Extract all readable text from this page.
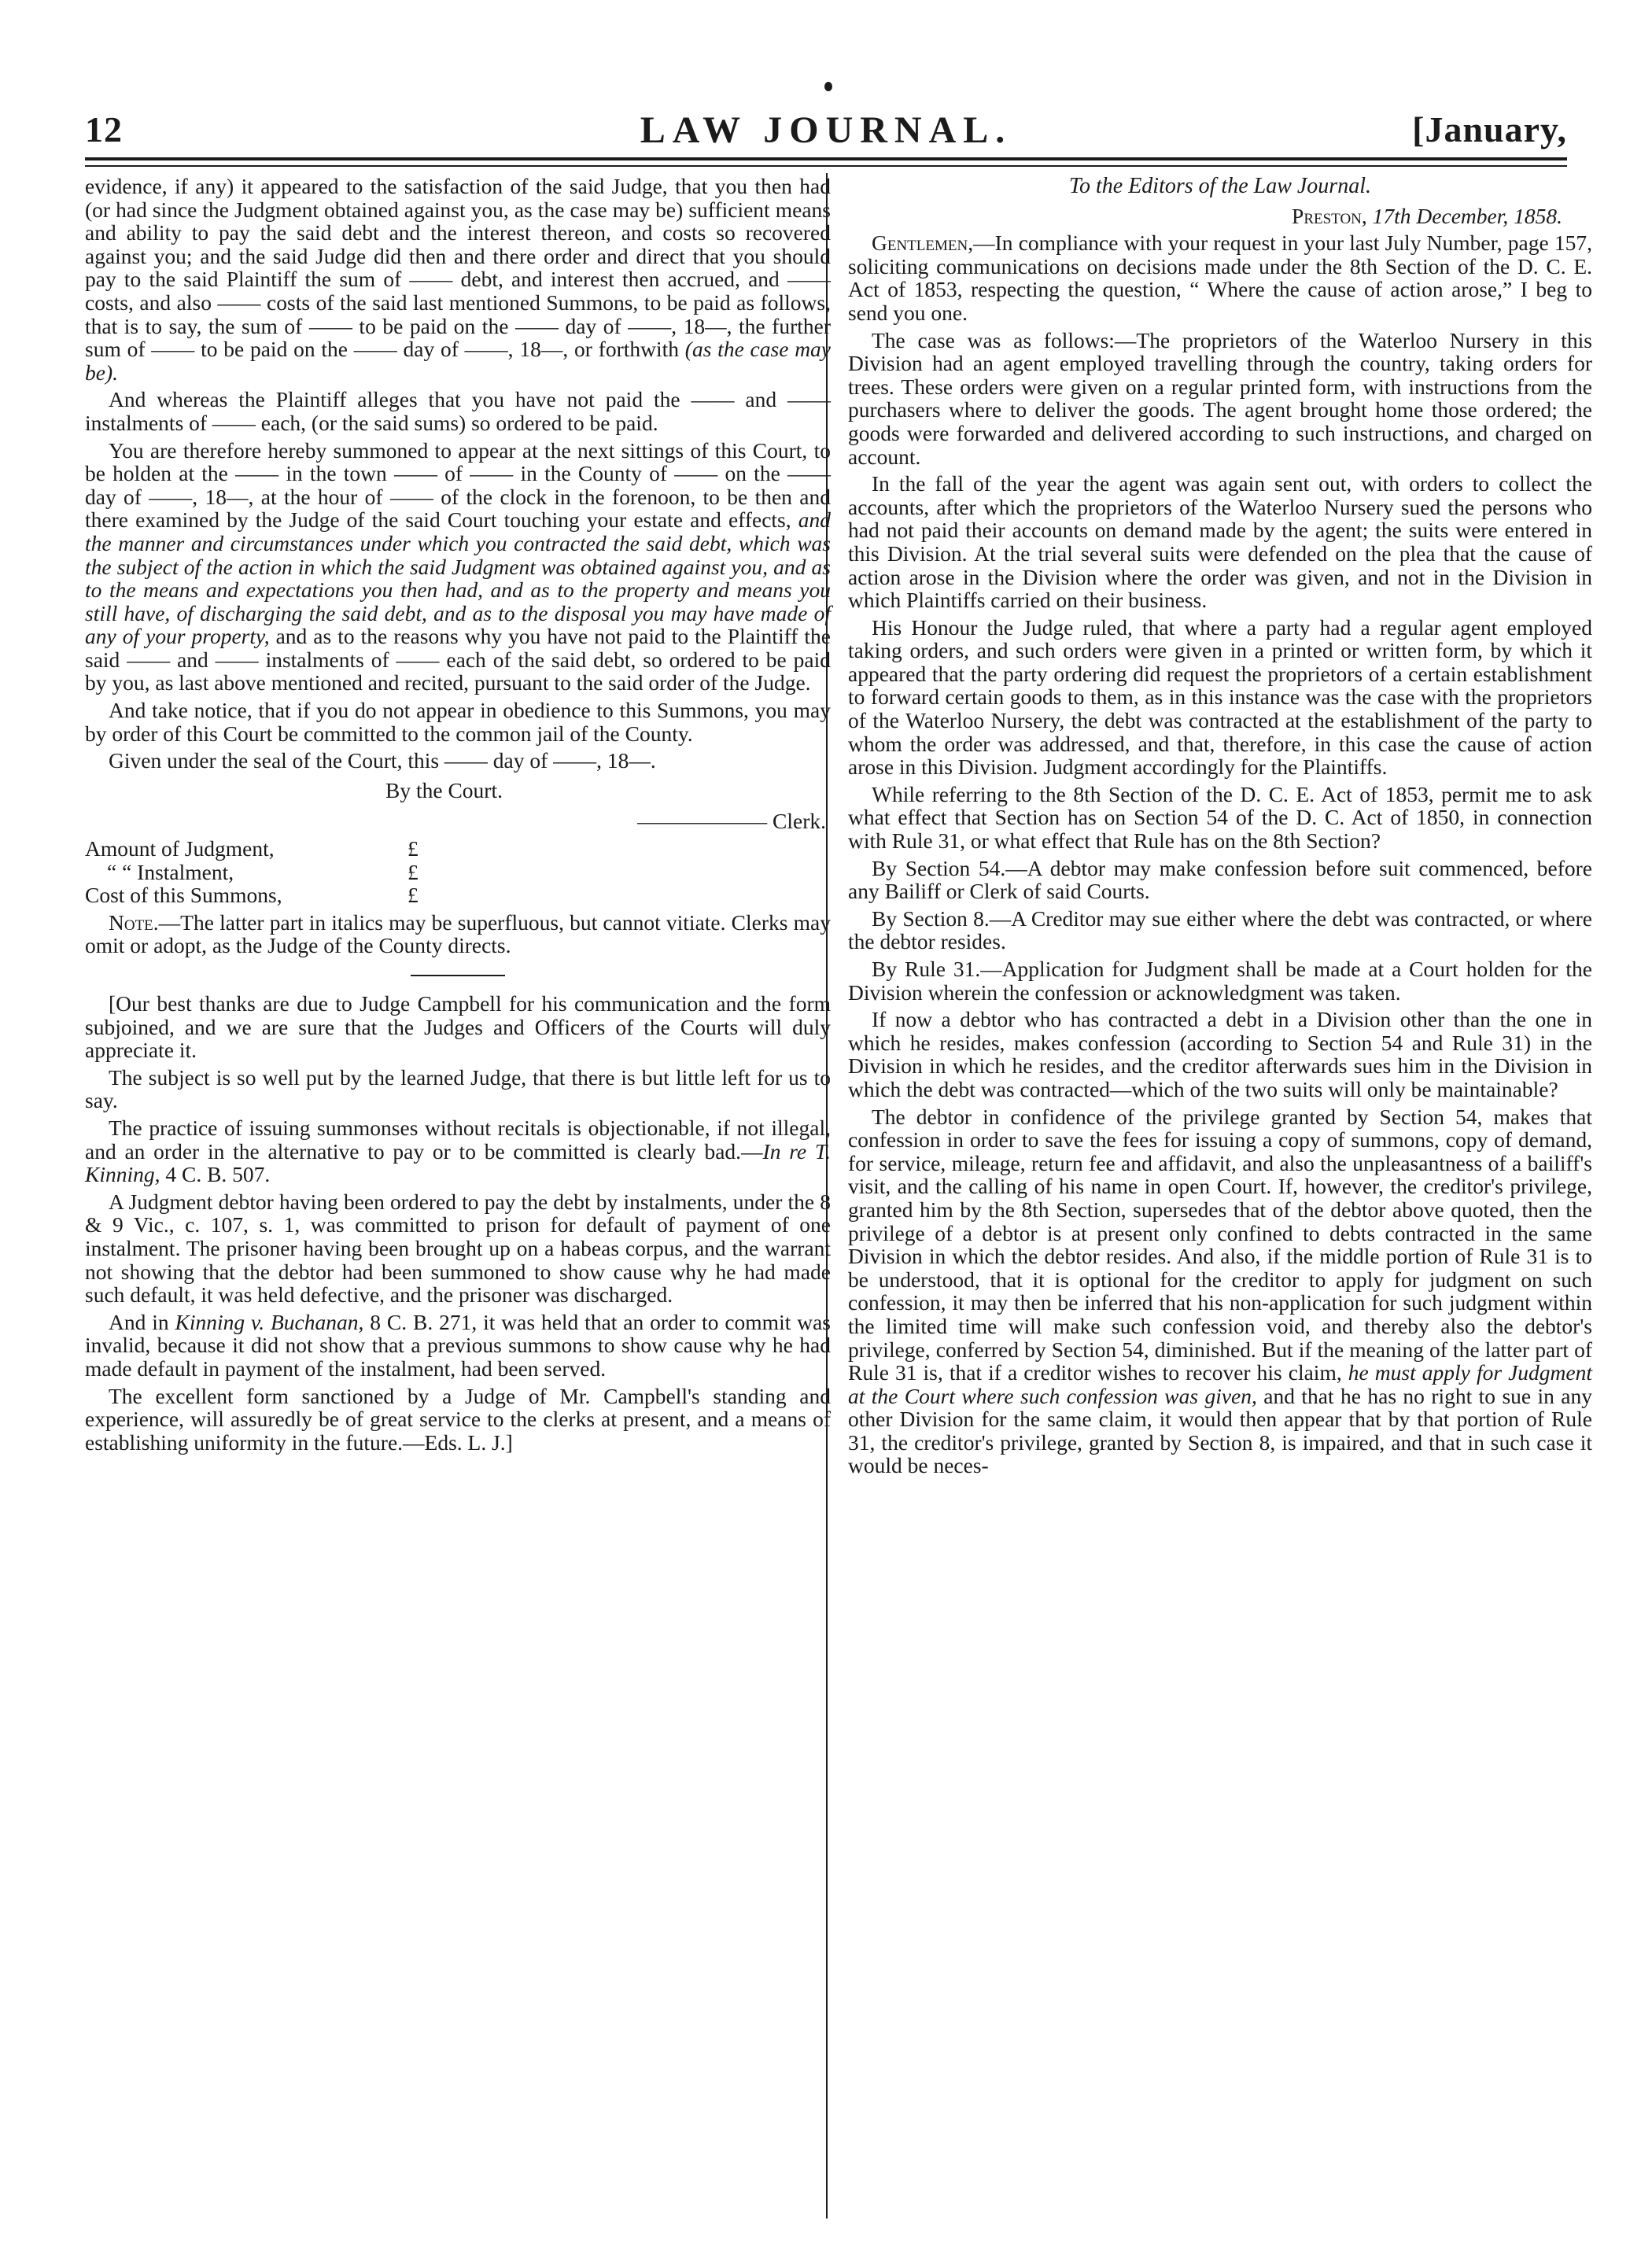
12	LAW JOURNAL.	[January,

evidence, if any) it appeared to the satisfaction of the said Judge, that you then had (or had since the Judgment obtained against you, as the case may be) sufficient means and ability to pay the said debt and the interest thereon, and costs so recovered against you; and the said Judge did then and there order and direct that you should pay to the said Plaintiff the sum of —— debt, and interest then accrued, and —— costs, and also —— costs of the said last mentioned Summons, to be paid as follows, that is to say, the sum of —— to be paid on the —— day of ——, 18—, the further sum of —— to be paid on the —— day of ——, 18—, or forthwith (as the case may be).

And whereas the Plaintiff alleges that you have not paid the —— and —— instalments of —— each, (or the said sums) so ordered to be paid.

You are therefore hereby summoned to appear at the next sittings of this Court, to be holden at the —— in the town —— of —— in the County of —— on the —— day of ——, 18—, at the hour of —— of the clock in the forenoon, to be then and there examined by the Judge of the said Court touching your estate and effects, and the manner and circumstances under which you contracted the said debt, which was the subject of the action in which the said Judgment was obtained against you, and as to the means and expectations you then had, and as to the property and means you still have, of discharging the said debt, and as to the disposal you may have made of any of your property, and as to the reasons why you have not paid to the Plaintiff the said —— and —— instalments of —— each of the said debt, so ordered to be paid by you, as last above mentioned and recited, pursuant to the said order of the Judge.

And take notice, that if you do not appear in obedience to this Summons, you may by order of this Court be committed to the common jail of the County.

Given under the seal of the Court, this —— day of ——, 18—.

By the Court.

—————— Clerk.

Amount of Judgment,	£

“ “ Instalment,	£

Cost of this Summons,	£

Note.—The latter part in italics may be superfluous, but cannot vitiate. Clerks may omit or adopt, as the Judge of the County directs.

[Our best thanks are due to Judge Campbell for his communication and the form subjoined, and we are sure that the Judges and Officers of the Courts will duly appreciate it.

The subject is so well put by the learned Judge, that there is but little left for us to say.

The practice of issuing summonses without recitals is objectionable, if not illegal, and an order in the alternative to pay or to be committed is clearly bad.—In re T. Kinning, 4 C. B. 507.

A Judgment debtor having been ordered to pay the debt by instalments, under the 8 & 9 Vic., c. 107, s. 1, was committed to prison for default of payment of one instalment. The prisoner having been brought up on a habeas corpus, and the warrant not showing that the debtor had been summoned to show cause why he had made such default, it was held defective, and the prisoner was discharged.

And in Kinning v. Buchanan, 8 C. B. 271, it was held that an order to commit was invalid, because it did not show that a previous summons to show cause why he had made default in payment of the instalment, had been served.

The excellent form sanctioned by a Judge of Mr. Campbell's standing and experience, will assuredly be of great service to the clerks at present, and a means of establishing uniformity in the future.—Eds. L. J.]

To the Editors of the Law Journal.

Preston, 17th December, 1858.

Gentlemen,—In compliance with your request in your last July Number, page 157, soliciting communications on decisions made under the 8th Section of the D. C. E. Act of 1853, respecting the question, “ Where the cause of action arose,” I beg to send you one.

The case was as follows:—The proprietors of the Waterloo Nursery in this Division had an agent employed travelling through the country, taking orders for trees. These orders were given on a regular printed form, with instructions from the purchasers where to deliver the goods. The agent brought home those ordered; the goods were forwarded and delivered according to such instructions, and charged on account.

In the fall of the year the agent was again sent out, with orders to collect the accounts, after which the proprietors of the Waterloo Nursery sued the persons who had not paid their accounts on demand made by the agent; the suits were entered in this Division. At the trial several suits were defended on the plea that the cause of action arose in the Division where the order was given, and not in the Division in which Plaintiffs carried on their business.

His Honour the Judge ruled, that where a party had a regular agent employed taking orders, and such orders were given in a printed or written form, by which it appeared that the party ordering did request the proprietors of a certain establishment to forward certain goods to them, as in this instance was the case with the proprietors of the Waterloo Nursery, the debt was contracted at the establishment of the party to whom the order was addressed, and that, therefore, in this case the cause of action arose in this Division. Judgment accordingly for the Plaintiffs.

While referring to the 8th Section of the D. C. E. Act of 1853, permit me to ask what effect that Section has on Section 54 of the D. C. Act of 1850, in connection with Rule 31, or what effect that Rule has on the 8th Section?

By Section 54.—A debtor may make confession before suit commenced, before any Bailiff or Clerk of said Courts.

By Section 8.—A Creditor may sue either where the debt was contracted, or where the debtor resides.

By Rule 31.—Application for Judgment shall be made at a Court holden for the Division wherein the confession or acknowledgment was taken.

If now a debtor who has contracted a debt in a Division other than the one in which he resides, makes confession (according to Section 54 and Rule 31) in the Division in which he resides, and the creditor afterwards sues him in the Division in which the debt was contracted—which of the two suits will only be maintainable?

The debtor in confidence of the privilege granted by Section 54, makes that confession in order to save the fees for issuing a copy of summons, copy of demand, for service, mileage, return fee and affidavit, and also the unpleasantness of a bailiff's visit, and the calling of his name in open Court. If, however, the creditor's privilege, granted him by the 8th Section, supersedes that of the debtor above quoted, then the privilege of a debtor is at present only confined to debts contracted in the same Division in which the debtor resides. And also, if the middle portion of Rule 31 is to be understood, that it is optional for the creditor to apply for judgment on such confession, it may then be inferred that his non-application for such judgment within the limited time will make such confession void, and thereby also the debtor's privilege, conferred by Section 54, diminished. But if the meaning of the latter part of Rule 31 is, that if a creditor wishes to recover his claim, he must apply for Judgment at the Court where such confession was given, and that he has no right to sue in any other Division for the same claim, it would then appear that by that portion of Rule 31, the creditor's privilege, granted by Section 8, is impaired, and that in such case it would be neces-
